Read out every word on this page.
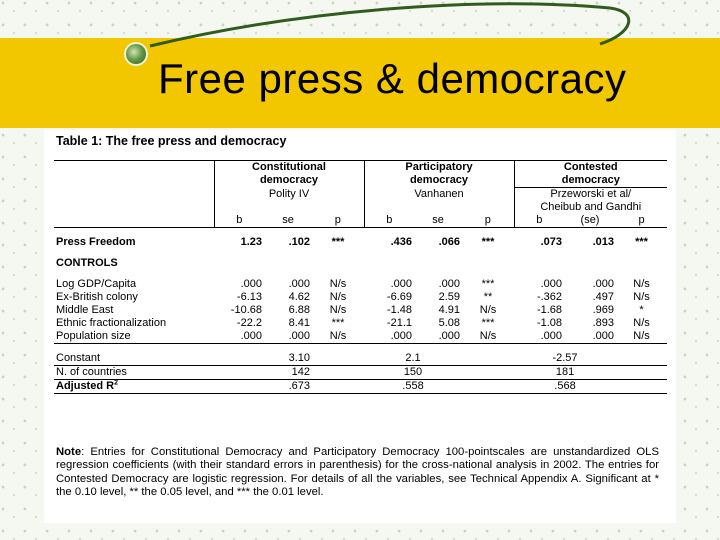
Free press & democracy
Table 1: The free press and democracy
	Constitutional			Participatory			Contested		
	democracy			democracy			democracy		
	Polity IV			Vanhanen			Przeworski et al/		
							Cheibub and Gandhi		
	b	se	p	b	se	p	b	(se)	p

Press Freedom	1.23	.102	***	.436	.066	***	.073	.013	***

CONTROLS									

Log GDP/Capita	.000	.000	N/s	.000	.000	***	.000	.000	N/s
Ex-British colony	-6.13	4.62	N/s	-6.69	2.59	**	-.362	.497	N/s
Middle East	-10.68	6.88	N/s	-1.48	4.91	N/s	-1.68	.969	*
Ethnic fractionalization	-22.2	8.41	***	-21.1	5.08	***	-1.08	.893	N/s
Population size	.000	.000	N/s	.000	.000	N/s	.000	.000	N/s

Constant	3.10			2.1			-2.57		
N. of countries	142			150			181		
Adjusted $R^2$	.673			.558			.568		

Note: Entries for Constitutional Democracy and Participatory Democracy 100-pointscales are unstandardized OLS regression coefficients (with their standard errors in parenthesis) for the cross-national analysis in 2002. The entries for Contested Democracy are logistic regression. For details of all the variables, see Technical Appendix A. Significant at * the 0.10 level, ** the 0.05 level, and *** the 0.01 level.
